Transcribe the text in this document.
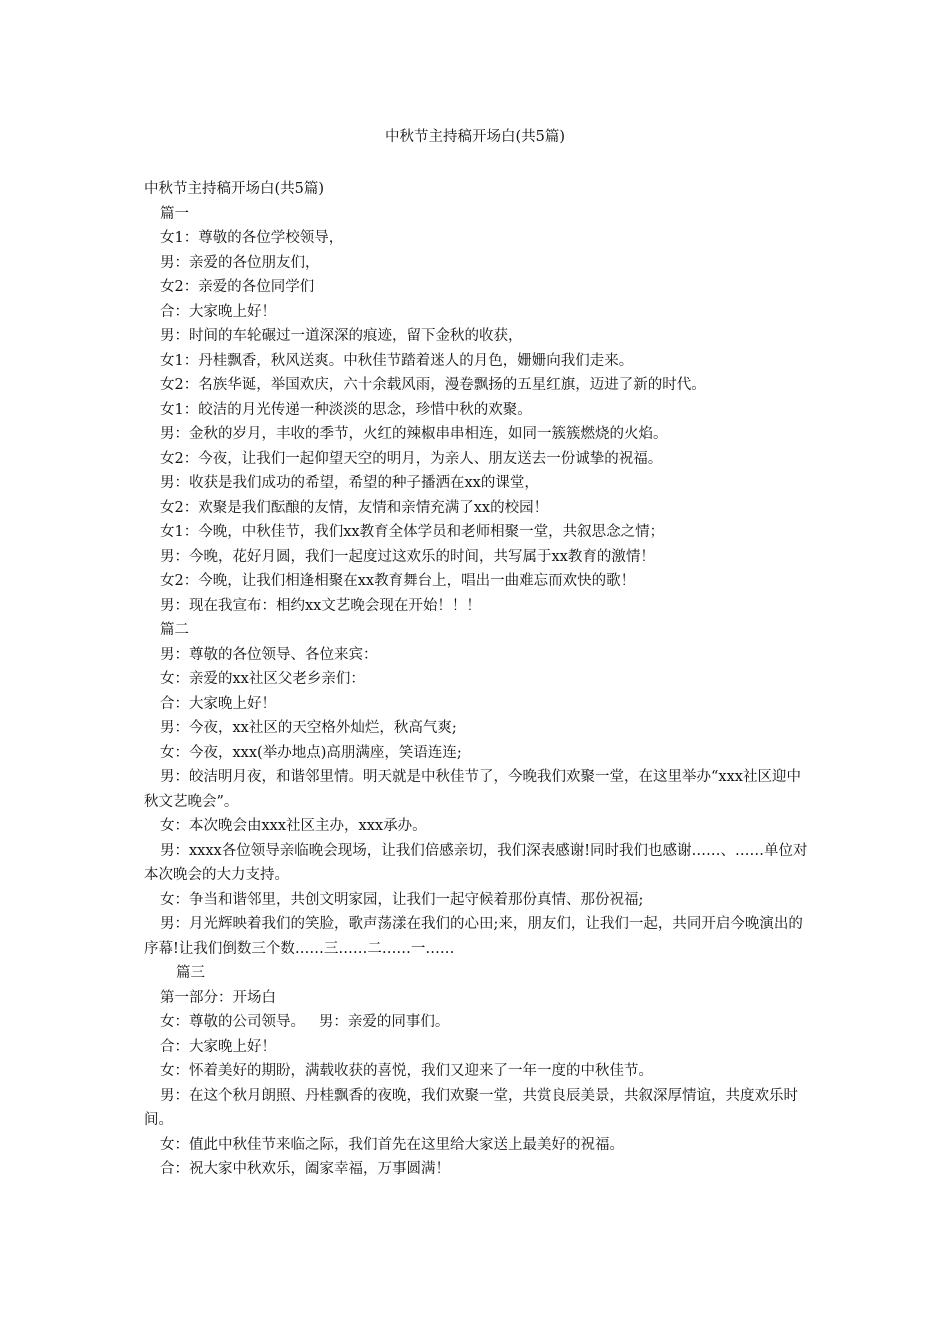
中秋节主持稿开场白(共5篇)

中秋节主持稿开场白(共5篇)

篇一

女1：尊敬的各位学校领导，

男：亲爱的各位朋友们，

女2：亲爱的各位同学们

合：大家晚上好！

男：时间的车轮碾过一道深深的痕迹，留下金秋的收获，

女1：丹桂飘香，秋风送爽。中秋佳节踏着迷人的月色，姗姗向我们走来。

女2：名族华诞，举国欢庆，六十余载风雨，漫卷飘扬的五星红旗，迈进了新的时代。

女1：皎洁的月光传递一种淡淡的思念，珍惜中秋的欢聚。

男：金秋的岁月，丰收的季节，火红的辣椒串串相连，如同一簇簇燃烧的火焰。

女2：今夜，让我们一起仰望天空的明月，为亲人、朋友送去一份诚挚的祝福。

男：收获是我们成功的希望，希望的种子播洒在xx的课堂，

女2：欢聚是我们酝酿的友情，友情和亲情充满了xx的校园！

女1：今晚，中秋佳节，我们xx教育全体学员和老师相聚一堂，共叙思念之情；

男：今晚，花好月圆，我们一起度过这欢乐的时间，共写属于xx教育的激情！

女2：今晚，让我们相逢相聚在xx教育舞台上，唱出一曲难忘而欢快的歌！

男：现在我宣布：相约xx文艺晚会现在开始！！！

篇二

男：尊敬的各位领导、各位来宾：

女：亲爱的xx社区父老乡亲们：

合：大家晚上好！

男：今夜，xx社区的天空格外灿烂，秋高气爽;

女：今夜，xxx(举办地点)高朋满座，笑语连连;

男：皎洁明月夜，和谐邻里情。明天就是中秋佳节了，今晚我们欢聚一堂，在这里举办“xxx社区迎中秋文艺晚会”。

女：本次晚会由xxx社区主办，xxx承办。

男：xxxx各位领导亲临晚会现场，让我们倍感亲切，我们深表感谢!同时我们也感谢……、……单位对本次晚会的大力支持。

女：争当和谐邻里，共创文明家园，让我们一起守候着那份真情、那份祝福;

男：月光辉映着我们的笑脸，歌声荡漾在我们的心田;来，朋友们，让我们一起，共同开启今晚演出的序幕!让我们倒数三个数……三……二……一……

篇三

第一部分：开场白

女：尊敬的公司领导。 男：亲爱的同事们。

合：大家晚上好！

女：怀着美好的期盼，满载收获的喜悦，我们又迎来了一年一度的中秋佳节。

男：在这个秋月朗照、丹桂飘香的夜晚，我们欢聚一堂，共赏良辰美景，共叙深厚情谊，共度欢乐时间。

女：值此中秋佳节来临之际，我们首先在这里给大家送上最美好的祝福。

合：祝大家中秋欢乐，阖家幸福，万事圆满！
